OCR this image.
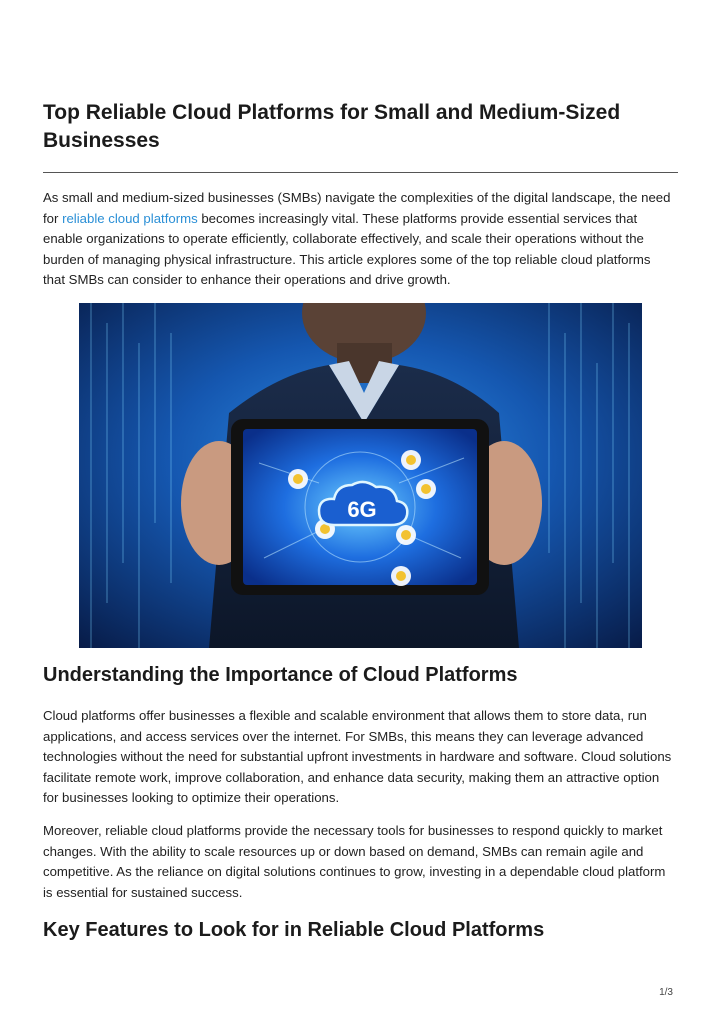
Top Reliable Cloud Platforms for Small and Medium-Sized Businesses

As small and medium-sized businesses (SMBs) navigate the complexities of the digital landscape, the need for reliable cloud platforms becomes increasingly vital. These platforms provide essential services that enable organizations to operate efficiently, collaborate effectively, and scale their operations without the burden of managing physical infrastructure. This article explores some of the top reliable cloud platforms that SMBs can consider to enhance their operations and drive growth.

6G
Understanding the Importance of Cloud Platforms

Cloud platforms offer businesses a flexible and scalable environment that allows them to store data, run applications, and access services over the internet. For SMBs, this means they can leverage advanced technologies without the need for substantial upfront investments in hardware and software. Cloud solutions facilitate remote work, improve collaboration, and enhance data security, making them an attractive option for businesses looking to optimize their operations.

Moreover, reliable cloud platforms provide the necessary tools for businesses to respond quickly to market changes. With the ability to scale resources up or down based on demand, SMBs can remain agile and competitive. As the reliance on digital solutions continues to grow, investing in a dependable cloud platform is essential for sustained success.

Key Features to Look for in Reliable Cloud Platforms
1/3
